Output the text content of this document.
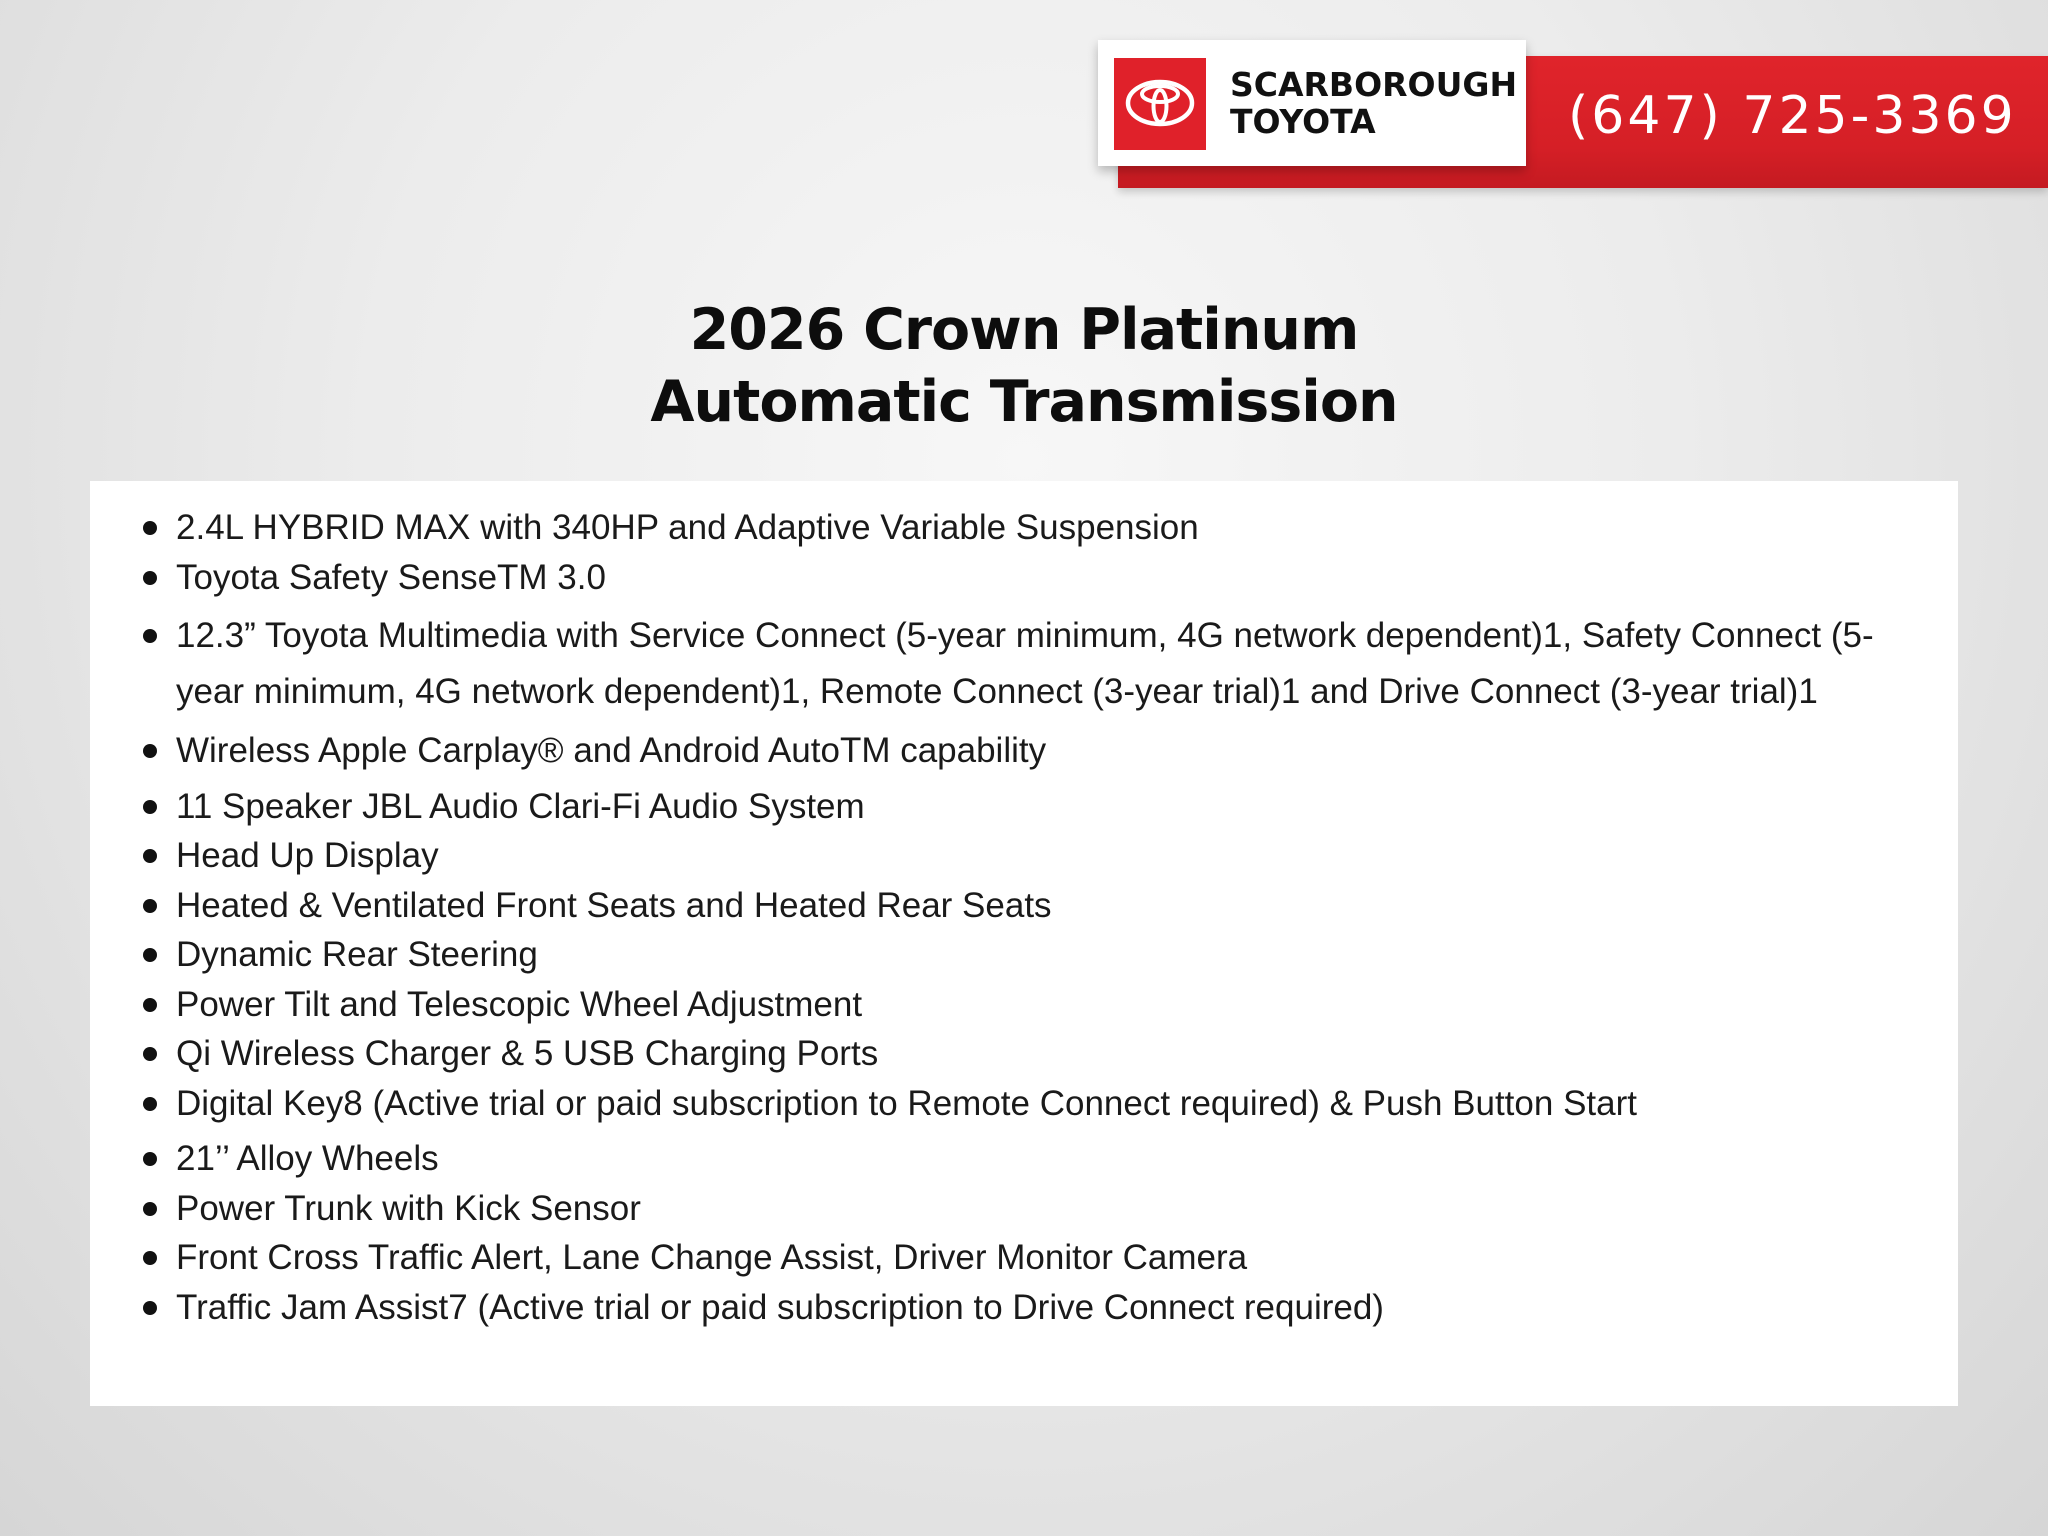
(647) 725-3369
SCARBOROUGH
TOYOTA
2026 Crown Platinum
Automatic Transmission
2.4L HYBRID MAX with 340HP and Adaptive Variable Suspension
Toyota Safety SenseTM 3.0
12.3” Toyota Multimedia with Service Connect (5-year minimum, 4G network dependent)1, Safety Connect (5-year minimum, 4G network dependent)1, Remote Connect (3-year trial)1 and Drive Connect (3-year trial)1
Wireless Apple Carplay® and Android AutoTM capability
11 Speaker JBL Audio Clari-Fi Audio System
Head Up Display
Heated & Ventilated Front Seats and Heated Rear Seats
Dynamic Rear Steering
Power Tilt and Telescopic Wheel Adjustment
Qi Wireless Charger & 5 USB Charging Ports
Digital Key8 (Active trial or paid subscription to Remote Connect required) & Push Button Start
21’’ Alloy Wheels
Power Trunk with Kick Sensor
Front Cross Traffic Alert, Lane Change Assist, Driver Monitor Camera
Traffic Jam Assist7 (Active trial or paid subscription to Drive Connect required)
